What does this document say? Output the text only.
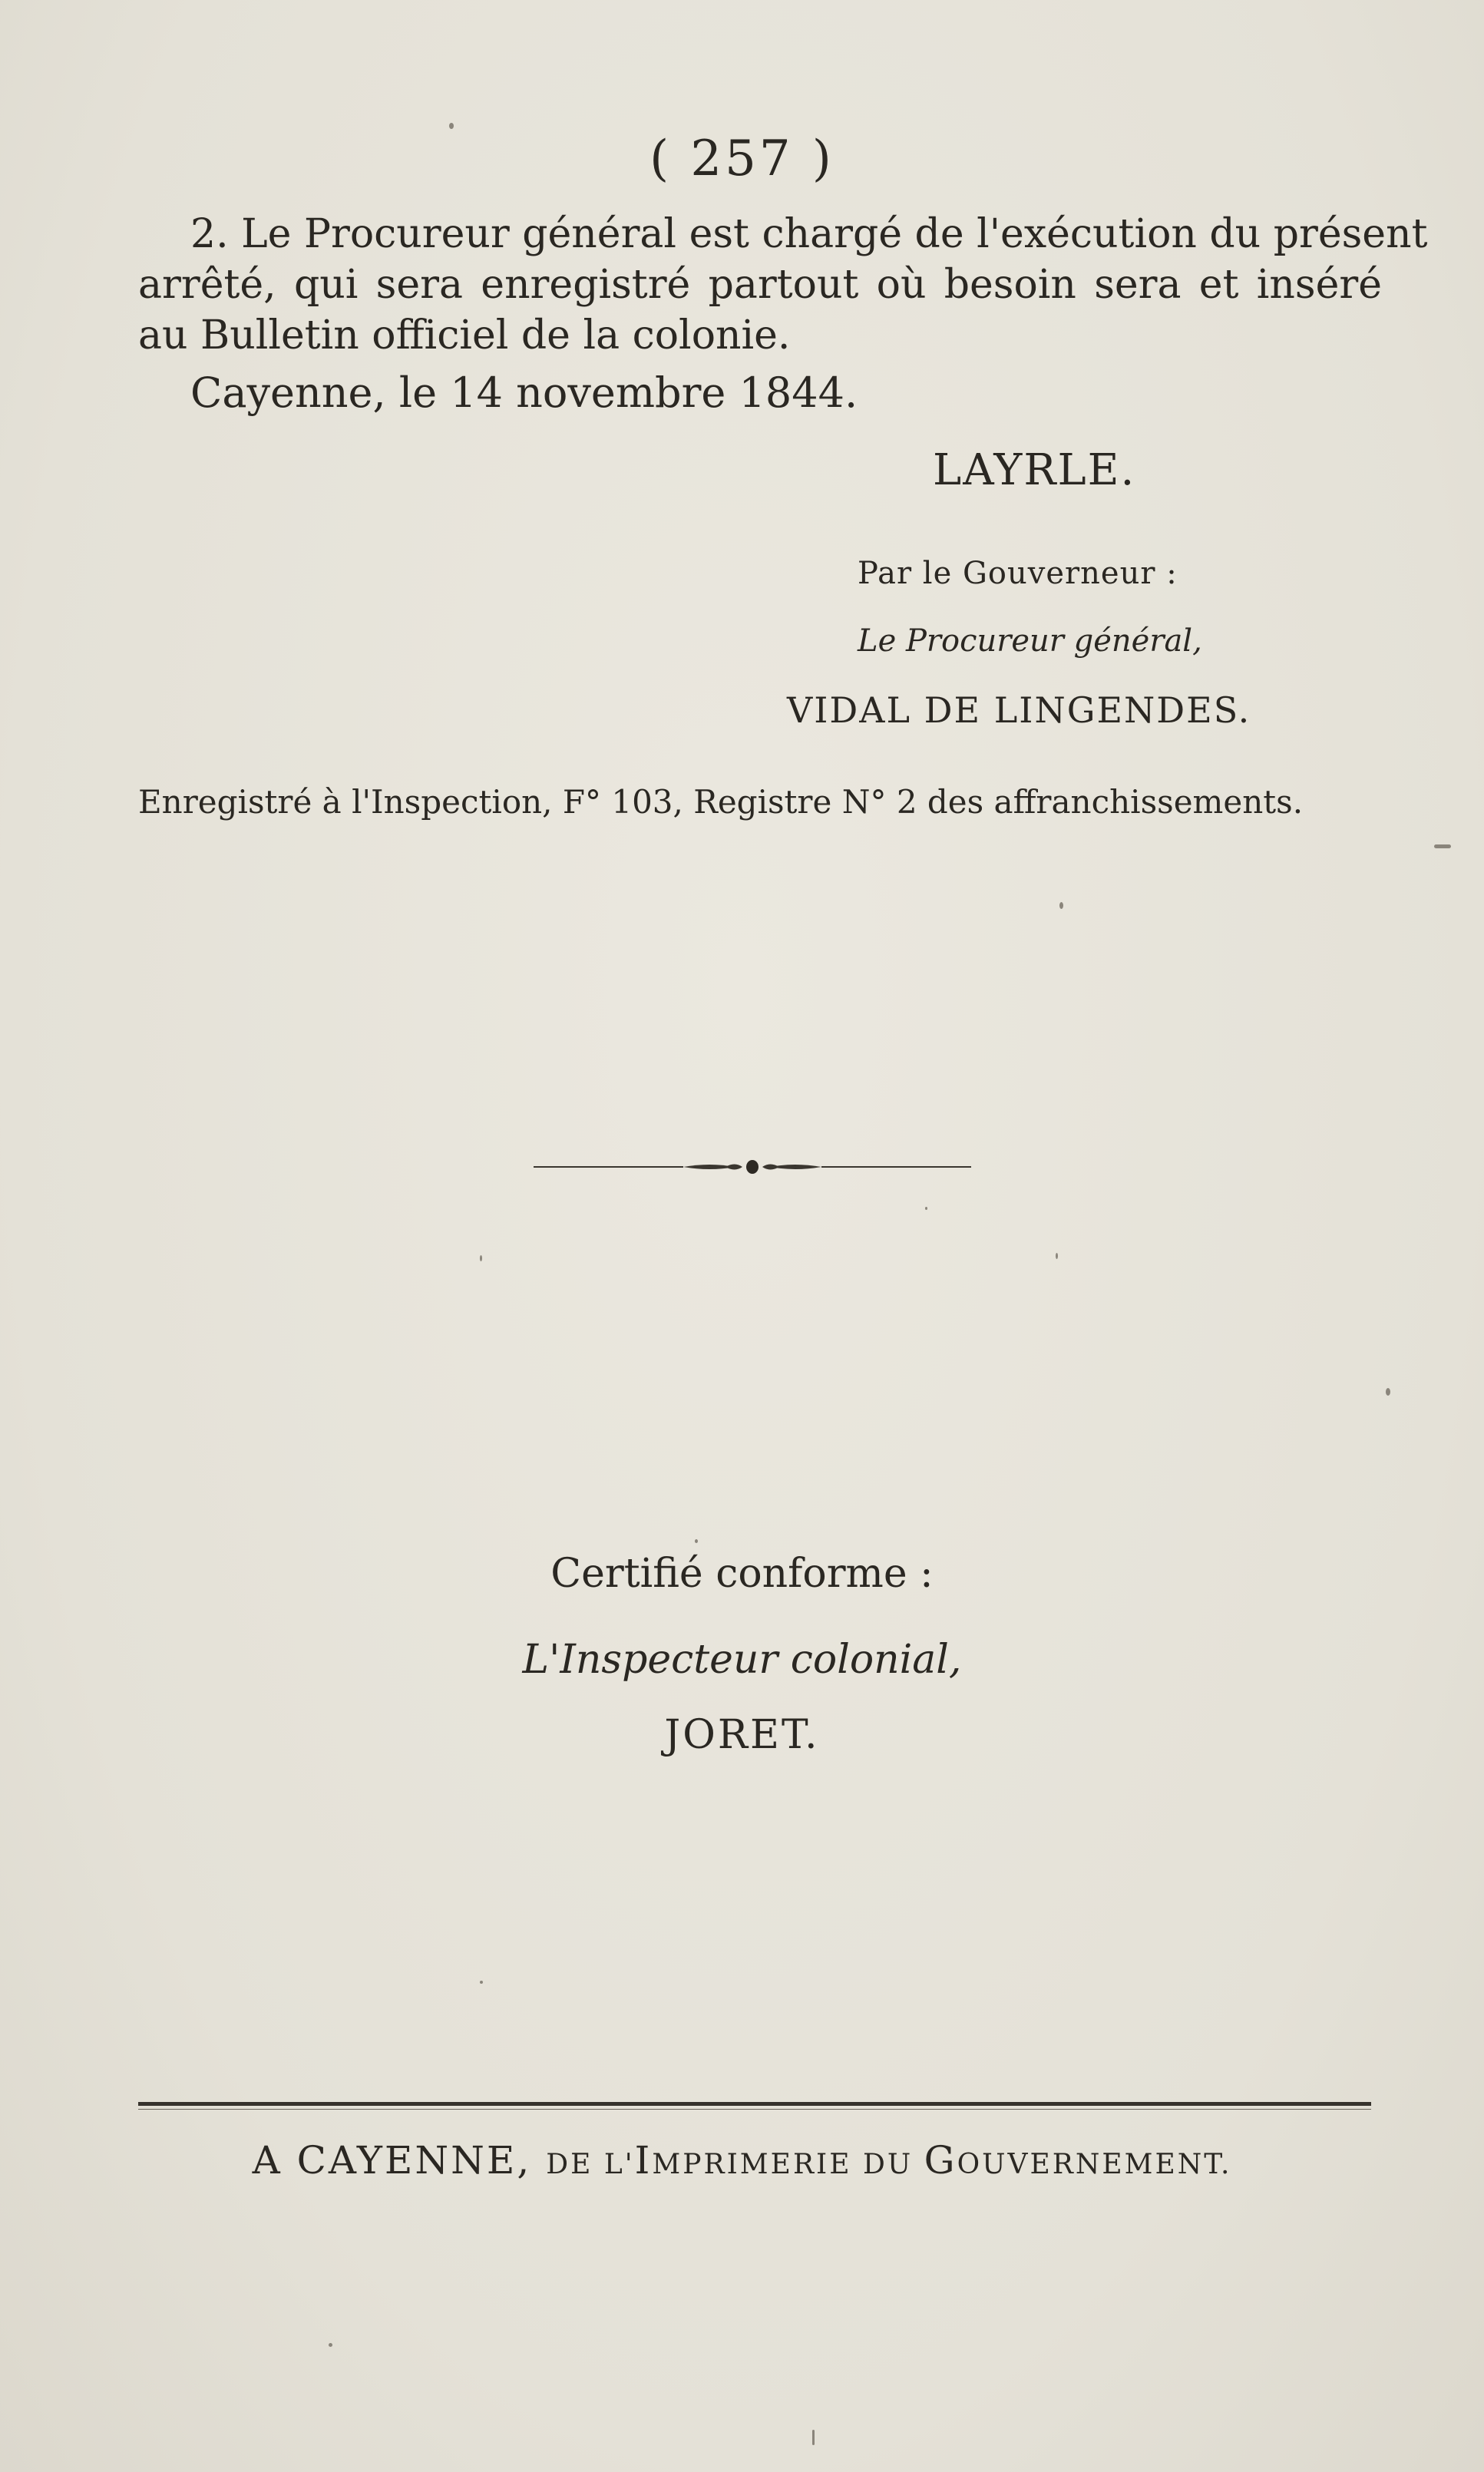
( 257 )
2. Le Procureur général est chargé de l'exécution du présent
arrêté, qui sera enregistré partout où besoin sera et inséré
au Bulletin officiel de la colonie.
Cayenne, le 14 novembre 1844.
LAYRLE.
Par le Gouverneur :
Le Procureur général,
VIDAL DE LINGENDES.
Enregistré à l'Inspection, F° 103, Registre N° 2 des affranchissements.
Certifié conforme :
L'Inspecteur colonial,
JORET.
A CAYENNE, DE L'IMPRIMERIE DU GOUVERNEMENT.
